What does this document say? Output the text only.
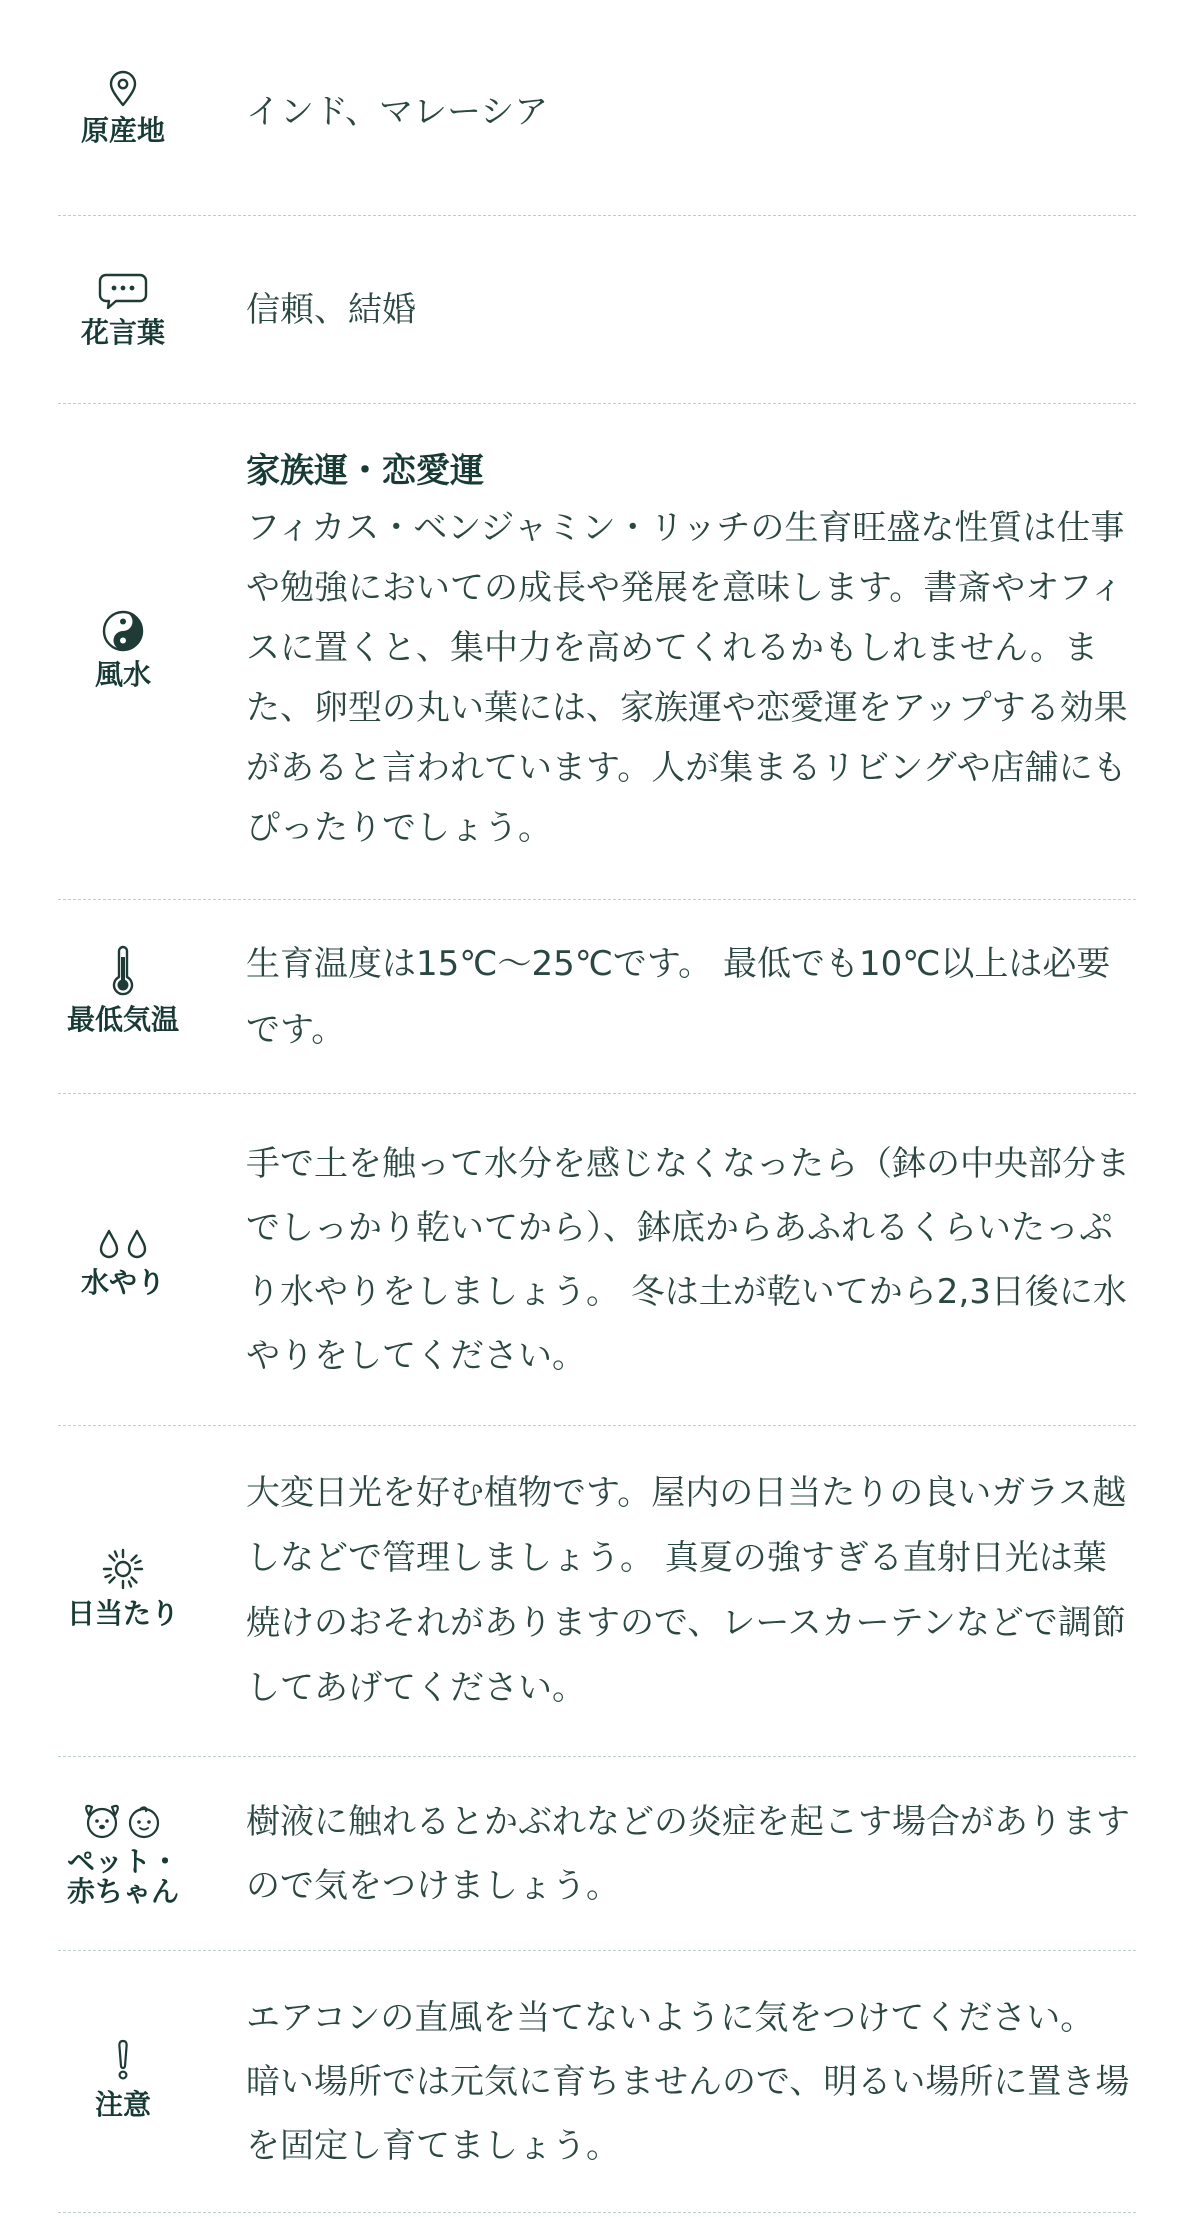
原産地 インド、マレーシア

花言葉

信頼、結婚

風水
家族運・恋愛運

フィカス・ベンジャミン・リッチの生育旺盛な性質は仕事や勉強においての成長や発展を意味します。書斎やオフィスに置くと、集中力を高めてくれるかもしれません。また、卵型の丸い葉には、家族運や恋愛運をアップする効果があると言われています。人が集まるリビングや店舗にもぴったりでしょう。

最低気温

生育温度は15℃～25℃です。 最低でも10℃以上は必要です。

水やり

手で土を触って水分を感じなくなったら（鉢の中央部分までしっかり乾いてから）、鉢底からあふれるくらいたっぷり水やりをしましょう。 冬は土が乾いてから2,3日後に水やりをしてください。

日当たり

大変日光を好む植物です。屋内の日当たりの良いガラス越しなどで管理しましょう。 真夏の強すぎる直射日光は葉焼けのおそれがありますので、レースカーテンなどで調節してあげてください。

ペット・赤ちゃん

樹液に触れるとかぶれなどの炎症を起こす場合がありますので気をつけましょう。

注意

エアコンの直風を当てないように気をつけてください。 暗い場所では元気に育ちませんので、明るい場所に置き場を固定し育てましょう。
